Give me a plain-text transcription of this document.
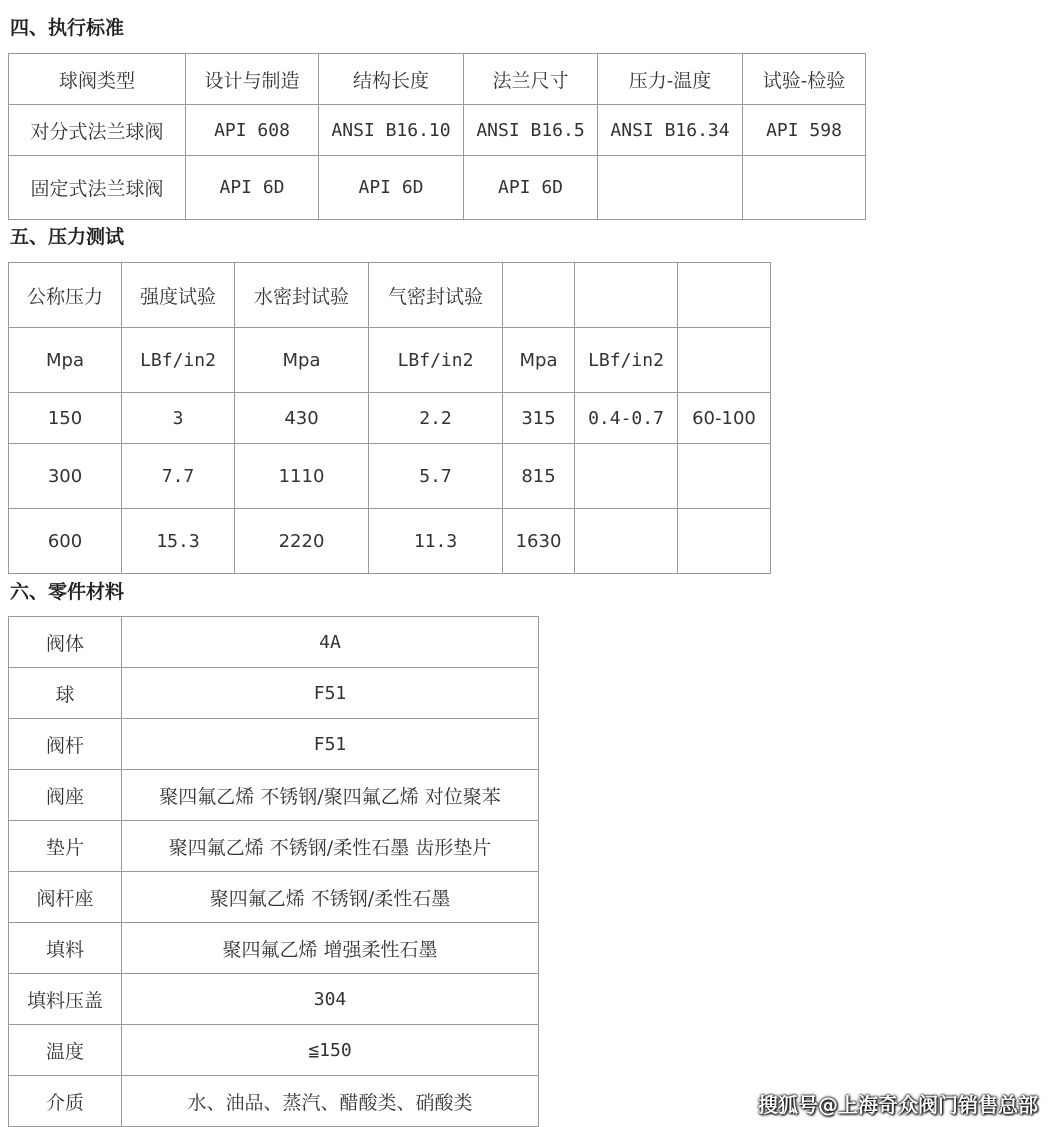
四、执行标准
球阀类型	设计与制造	结构长度	法兰尺寸	压力-温度	试验-检验
对分式法兰球阀	API 608	ANSI B16.10	ANSI B16.5	ANSI B16.34	API 598
固定式法兰球阀	API 6D	API 6D	API 6D		
五、压力测试
公称压力	强度试验	水密封试验	气密封试验			
Mpa	LBf/in2	Mpa	LBf/in2	Mpa	LBf/in2	
150	3	430	2.2	315	0.4-0.7	60-100
300	7.7	1110	5.7	815		
600	15.3	2220	11.3	1630		
六、零件材料
阀体	4A
球	F51
阀杆	F51
阀座	聚四氟乙烯 不锈钢/聚四氟乙烯 对位聚苯
垫片	聚四氟乙烯 不锈钢/柔性石墨 齿形垫片
阀杆座	聚四氟乙烯 不锈钢/柔性石墨
填料	聚四氟乙烯 增强柔性石墨
填料压盖	304
温度	≦150
介质	水、油品、蒸汽、醋酸类、硝酸类	搜狐号@上海奇众阀门销售总部
